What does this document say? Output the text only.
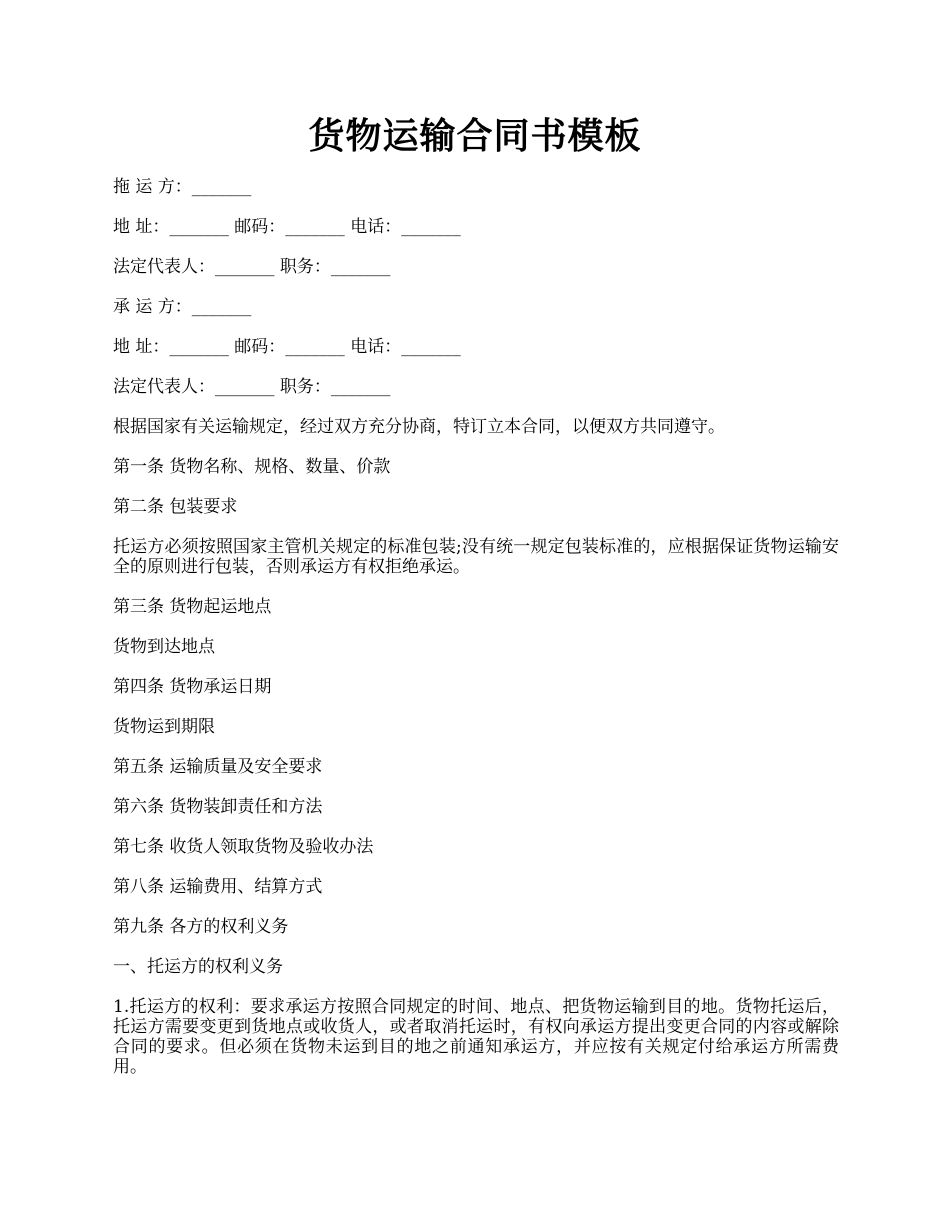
货物运输合同书模板

拖 运 方：_______

地 址：_______ 邮码：_______ 电话：_______

法定代表人：_______ 职务：_______

承 运 方：_______

地 址：_______ 邮码：_______ 电话：_______

法定代表人：_______ 职务：_______

根据国家有关运输规定，经过双方充分协商，特订立本合同，以便双方共同遵守。

第一条 货物名称、规格、数量、价款

第二条 包装要求

托运方必须按照国家主管机关规定的标准包装;没有统一规定包装标准的，应根据保证货物运输安全的原则进行包装，否则承运方有权拒绝承运。

第三条 货物起运地点

货物到达地点

第四条 货物承运日期

货物运到期限

第五条 运输质量及安全要求

第六条 货物装卸责任和方法

第七条 收货人领取货物及验收办法

第八条 运输费用、结算方式

第九条 各方的权利义务

一、托运方的权利义务

1.托运方的权利：要求承运方按照合同规定的时间、地点、把货物运输到目的地。货物托运后，托运方需要变更到货地点或收货人，或者取消托运时，有权向承运方提出变更合同的内容或解除合同的要求。但必须在货物未运到目的地之前通知承运方，并应按有关规定付给承运方所需费用。
